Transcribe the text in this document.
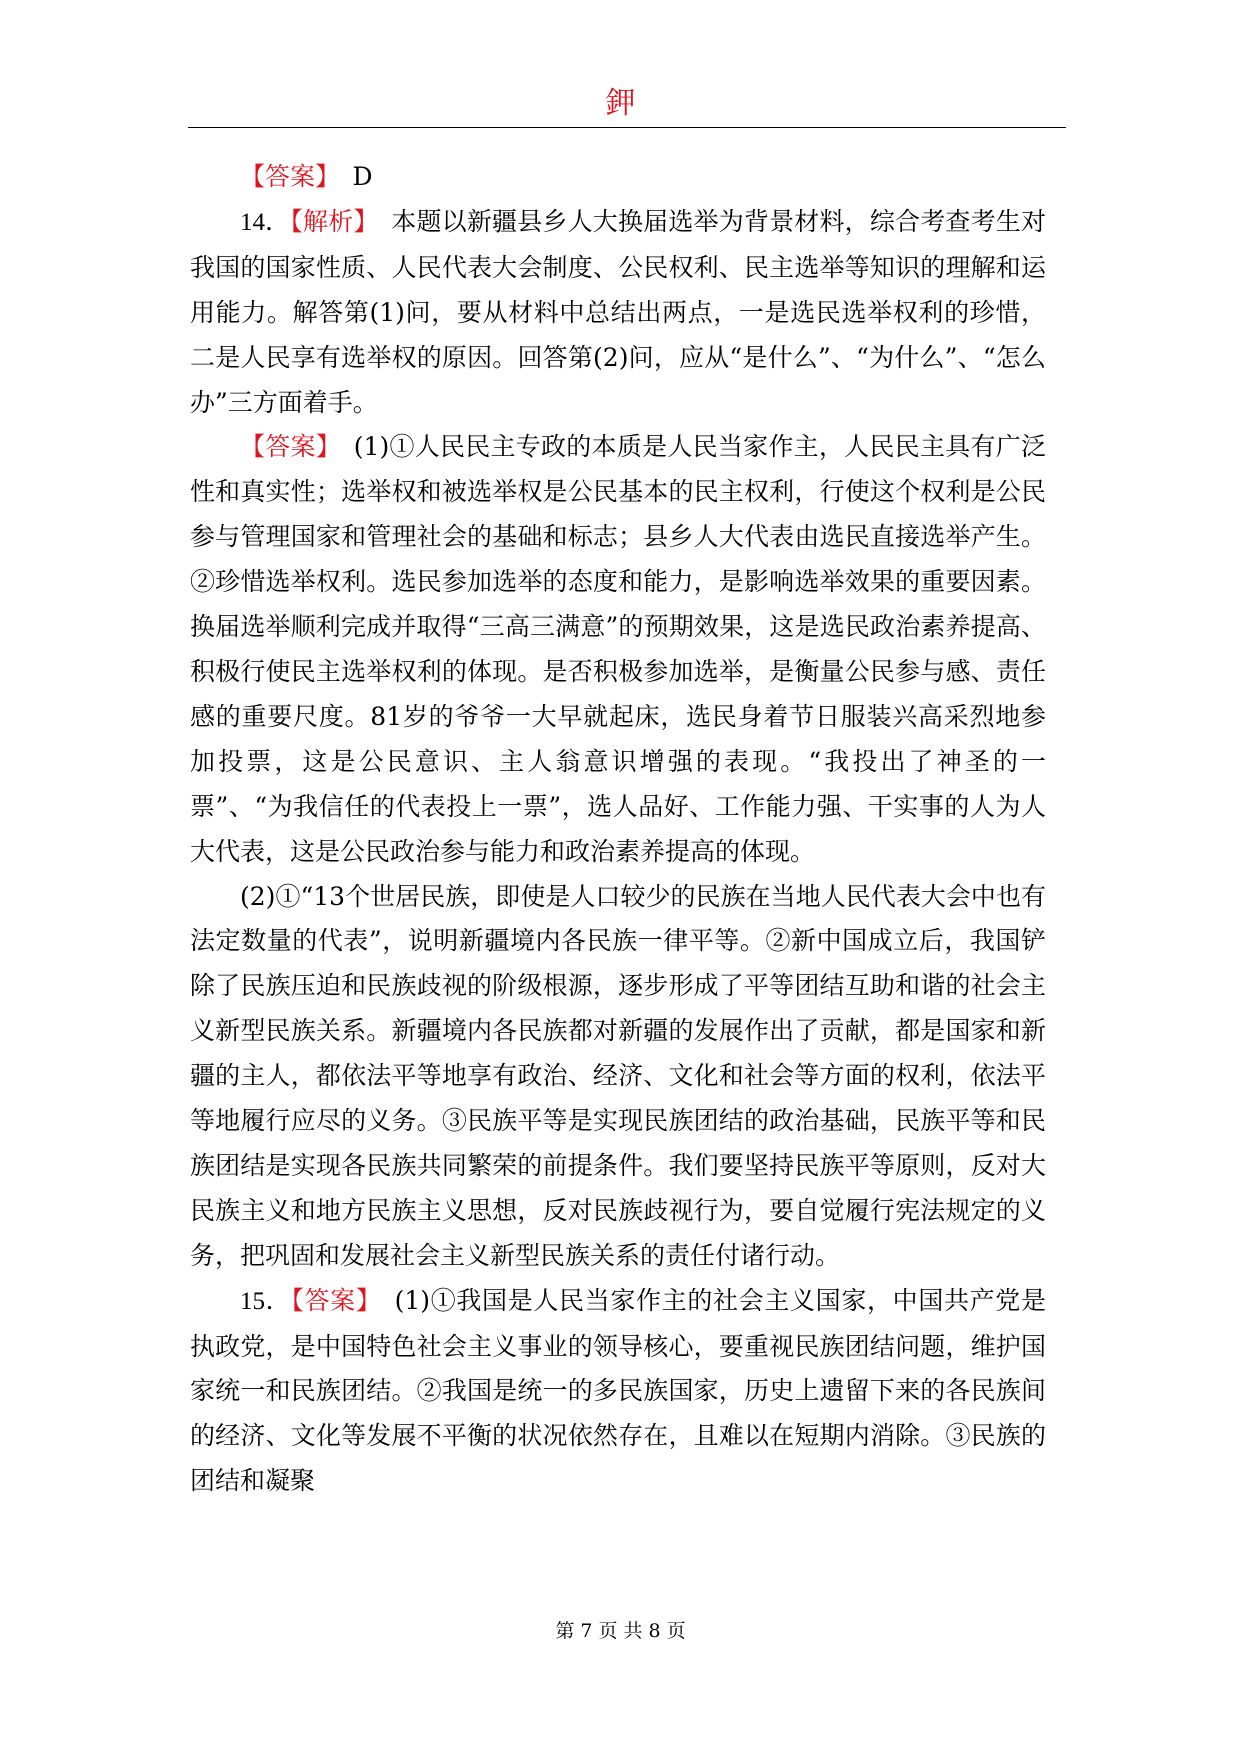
鉀

【答案】　D

14．【解析】　本题以新疆县乡人大换届选举为背景材料，综合考查考生对我国的国家性质、人民代表大会制度、公民权利、民主选举等知识的理解和运用能力。解答第(1)问，要从材料中总结出两点，一是选民选举权利的珍惜，二是人民享有选举权的原因。回答第(2)问，应从“是什么”、“为什么”、“怎么办”三方面着手。

【答案】　(1)①人民民主专政的本质是人民当家作主，人民民主具有广泛性和真实性；选举权和被选举权是公民基本的民主权利，行使这个权利是公民参与管理国家和管理社会的基础和标志；县乡人大代表由选民直接选举产生。②珍惜选举权利。选民参加选举的态度和能力，是影响选举效果的重要因素。换届选举顺利完成并取得“三高三满意”的预期效果，这是选民政治素养提高、积极行使民主选举权利的体现。是否积极参加选举，是衡量公民参与感、责任感的重要尺度。81岁的爷爷一大早就起床，选民身着节日服装兴高采烈地参加投票，这是公民意识、主人翁意识增强的表现。“我投出了神圣的一票”、“为我信任的代表投上一票”，选人品好、工作能力强、干实事的人为人大代表，这是公民政治参与能力和政治素养提高的体现。

(2)①“13个世居民族，即使是人口较少的民族在当地人民代表大会中也有法定数量的代表”，说明新疆境内各民族一律平等。②新中国成立后，我国铲除了民族压迫和民族歧视的阶级根源，逐步形成了平等团结互助和谐的社会主义新型民族关系。新疆境内各民族都对新疆的发展作出了贡献，都是国家和新疆的主人，都依法平等地享有政治、经济、文化和社会等方面的权利，依法平等地履行应尽的义务。③民族平等是实现民族团结的政治基础，民族平等和民族团结是实现各民族共同繁荣的前提条件。我们要坚持民族平等原则，反对大民族主义和地方民族主义思想，反对民族歧视行为，要自觉履行宪法规定的义务，把巩固和发展社会主义新型民族关系的责任付诸行动。

15．【答案】　(1)①我国是人民当家作主的社会主义国家，中国共产党是执政党，是中国特色社会主义事业的领导核心，要重视民族团结问题，维护国家统一和民族团结。②我国是统一的多民族国家，历史上遗留下来的各民族间的经济、文化等发展不平衡的状况依然存在，且难以在短期内消除。③民族的团结和凝聚

第 7 页 共 8 页
